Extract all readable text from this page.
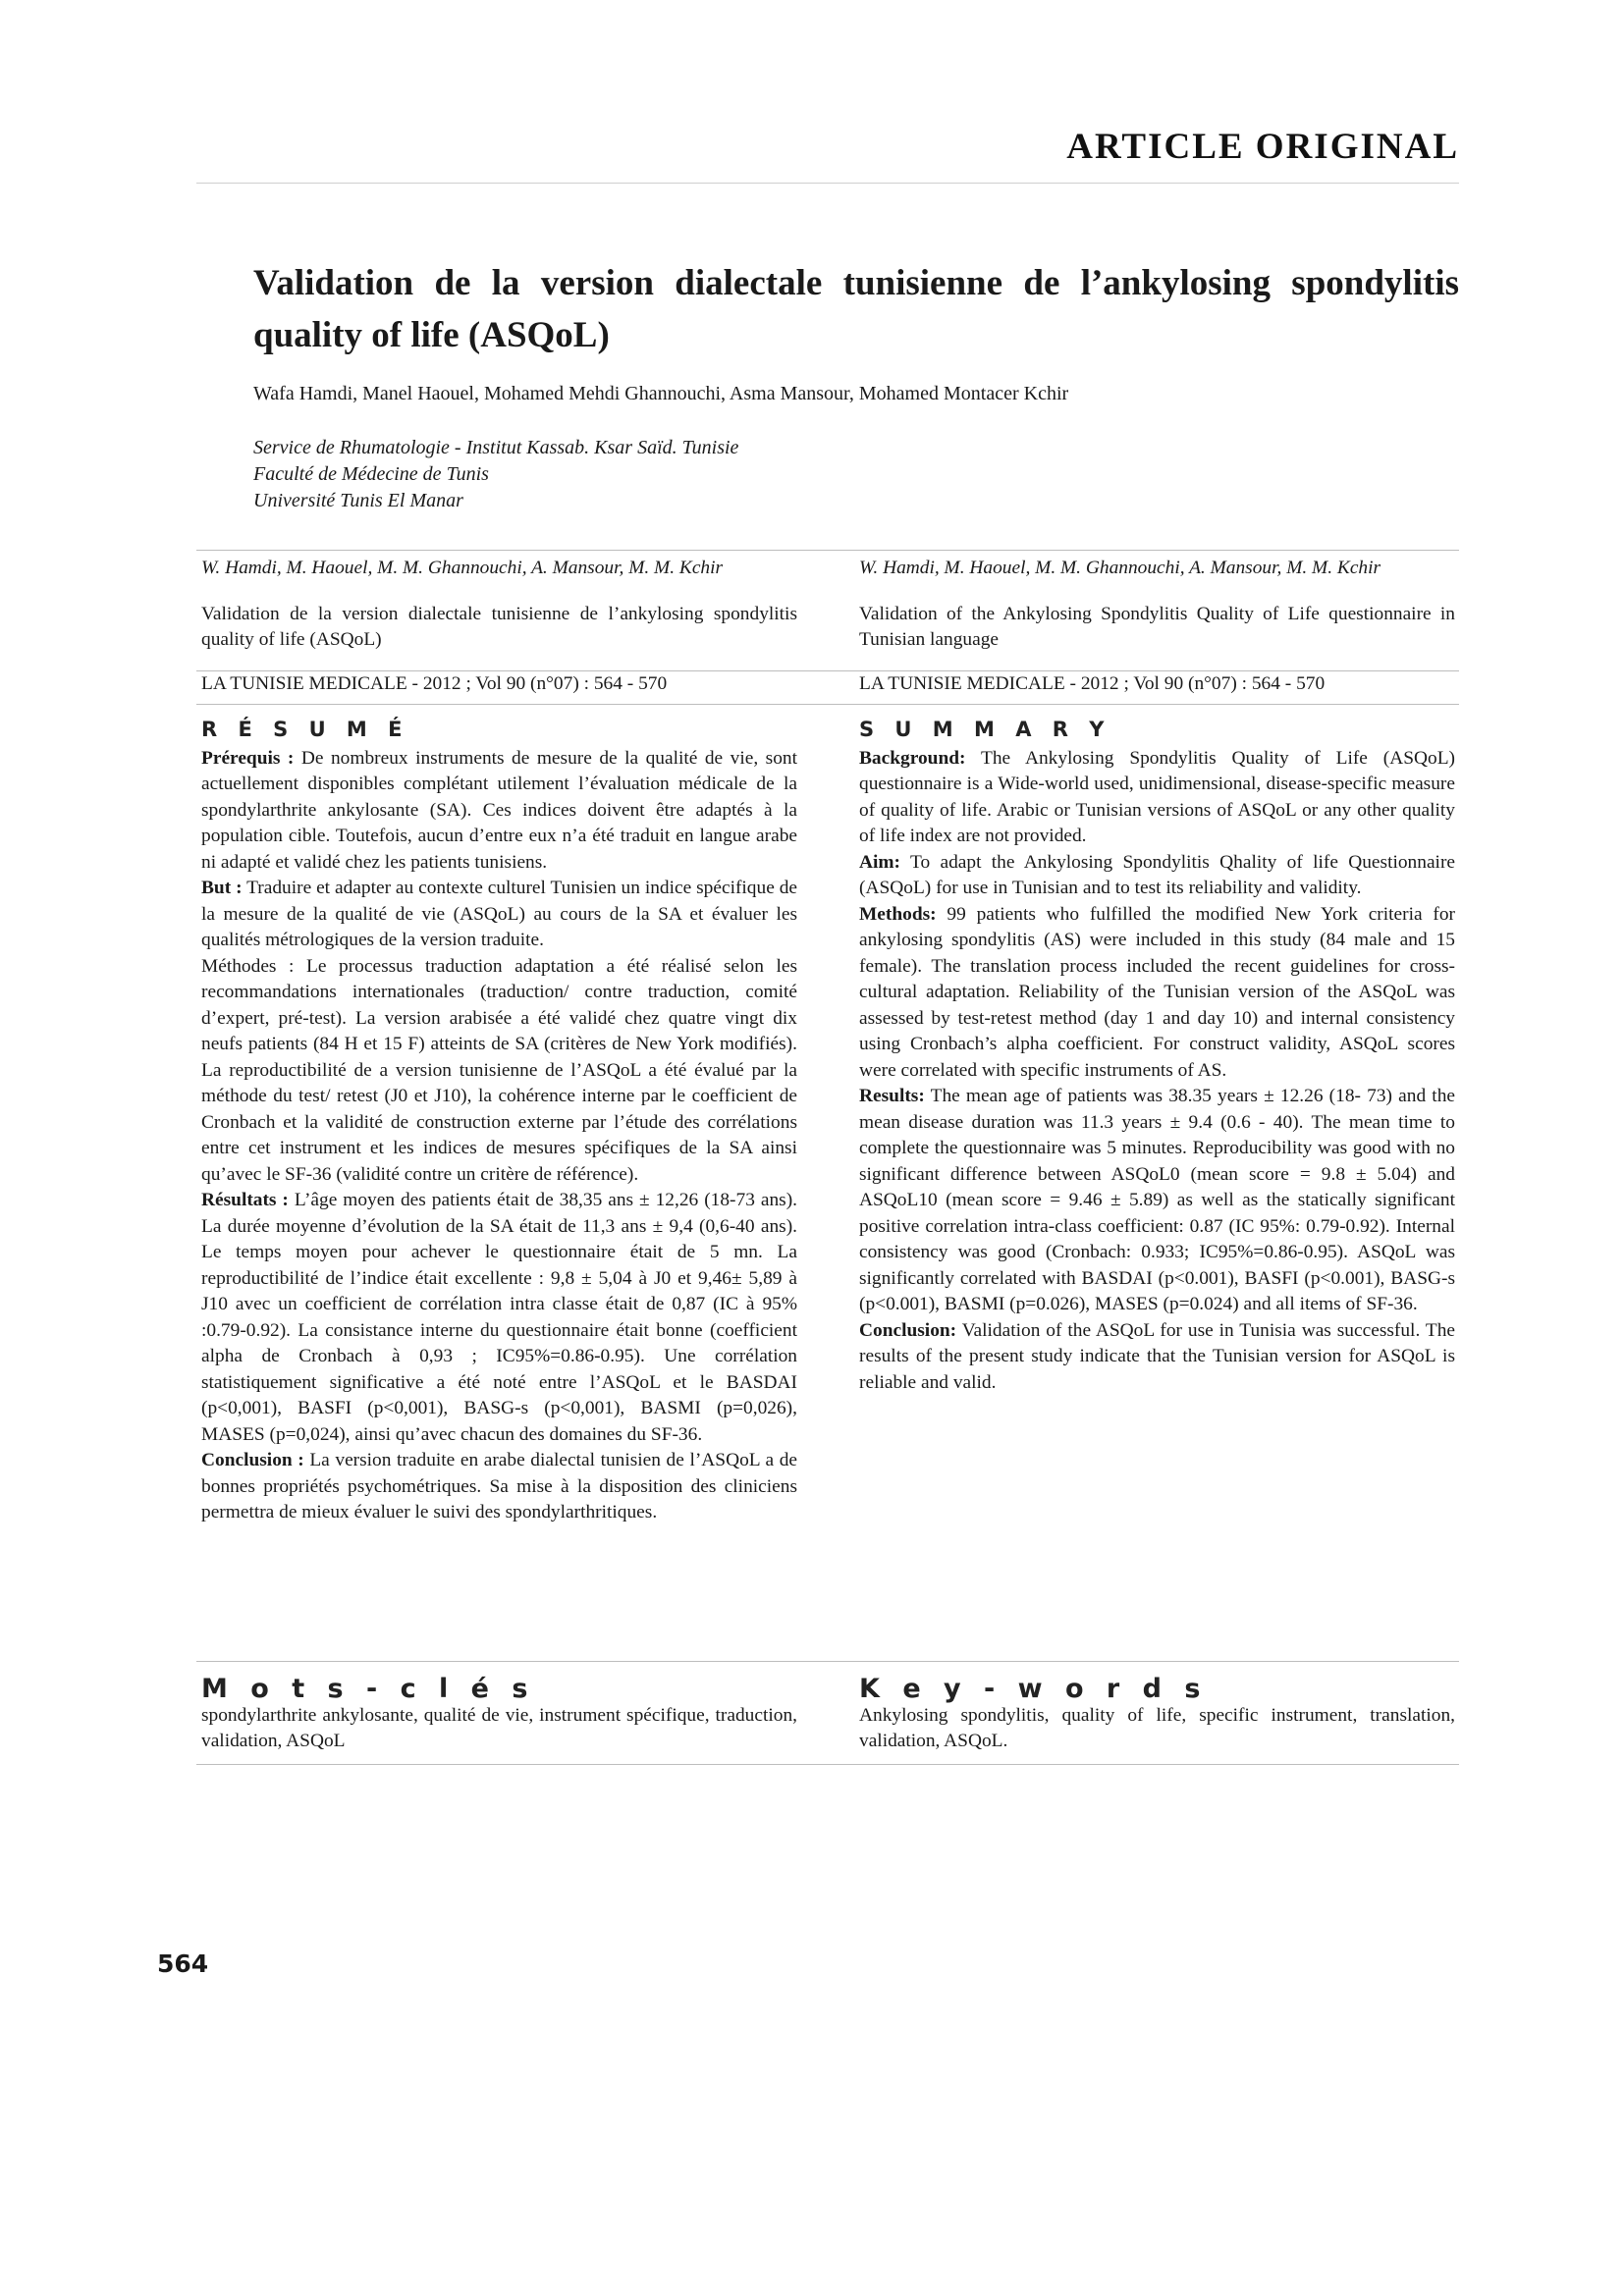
ARTICLE ORIGINAL
Validation de la version dialectale tunisienne de l’ankylosing spondylitis quality of life (ASQoL)
Wafa Hamdi, Manel Haouel, Mohamed Mehdi Ghannouchi, Asma Mansour, Mohamed Montacer Kchir
Service de Rhumatologie - Institut Kassab. Ksar Saïd. Tunisie
Faculté de Médecine de Tunis
Université Tunis El Manar
W. Hamdi, M. Haouel, M. M. Ghannouchi, A. Mansour, M. M. Kchir
Validation de la version dialectale tunisienne de l’ankylosing spondylitis quality of life (ASQoL)
LA TUNISIE MEDICALE - 2012 ; Vol 90 (n°07) : 564 - 570
W. Hamdi, M. Haouel, M. M. Ghannouchi, A. Mansour, M. M. Kchir
Validation of the Ankylosing Spondylitis Quality of Life questionnaire in Tunisian language
LA TUNISIE MEDICALE - 2012 ; Vol 90 (n°07) : 564 - 570
R É S U M É

Prérequis : De nombreux instruments de mesure de la qualité de vie, sont actuellement disponibles complétant utilement l’évaluation médicale de la spondylarthrite ankylosante (SA). Ces indices doivent être adaptés à la population cible. Toutefois, aucun d’entre eux n’a été traduit en langue arabe ni adapté et validé chez les patients tunisiens.

But : Traduire et adapter au contexte culturel Tunisien un indice spécifique de la mesure de la qualité de vie (ASQoL) au cours de la SA et évaluer les qualités métrologiques de la version traduite.

Méthodes : Le processus traduction adaptation a été réalisé selon les recommandations internationales (traduction/ contre traduction, comité d’expert, pré-test). La version arabisée a été validé chez quatre vingt dix neufs patients (84 H et 15 F) atteints de SA (critères de New York modifiés). La reproductibilité de a version tunisienne de l’ASQoL a été évalué par la méthode du test/ retest (J0 et J10), la cohérence interne par le coefficient de Cronbach et la validité de construction externe par l’étude des corrélations entre cet instrument et les indices de mesures spécifiques de la SA ainsi qu’avec le SF-36 (validité contre un critère de référence).

Résultats : L’âge moyen des patients était de 38,35 ans ± 12,26 (18-73 ans). La durée moyenne d’évolution de la SA était de 11,3 ans ± 9,4 (0,6-40 ans). Le temps moyen pour achever le questionnaire était de 5 mn. La reproductibilité de l’indice était excellente : 9,8 ± 5,04 à J0 et 9,46± 5,89 à J10 avec un coefficient de corrélation intra classe était de 0,87 (IC à 95% :0.79-0.92). La consistance interne du questionnaire était bonne (coefficient alpha de Cronbach à 0,93 ; IC95%=0.86-0.95). Une corrélation statistiquement significative a été noté entre l’ASQoL et le BASDAI (p<0,001), BASFI (p<0,001), BASG-s (p<0,001), BASMI (p=0,026), MASES (p=0,024), ainsi qu’avec chacun des domaines du SF-36.

Conclusion : La version traduite en arabe dialectal tunisien de l’ASQoL a de bonnes propriétés psychométriques. Sa mise à la disposition des cliniciens permettra de mieux évaluer le suivi des spondylarthritiques.

S U M M A R Y

Background: The Ankylosing Spondylitis Quality of Life (ASQoL) questionnaire is a Wide-world used, unidimensional, disease-specific measure of quality of life. Arabic or Tunisian versions of ASQoL or any other quality of life index are not provided.

Aim: To adapt the Ankylosing Spondylitis Qhality of life Questionnaire (ASQoL) for use in Tunisian and to test its reliability and validity.

Methods: 99 patients who fulfilled the modified New York criteria for ankylosing spondylitis (AS) were included in this study (84 male and 15 female). The translation process included the recent guidelines for cross-cultural adaptation. Reliability of the Tunisian version of the ASQoL was assessed by test-retest method (day 1 and day 10) and internal consistency using Cronbach’s alpha coefficient. For construct validity, ASQoL scores were correlated with specific instruments of AS.

Results: The mean age of patients was 38.35 years ± 12.26 (18- 73) and the mean disease duration was 11.3 years ± 9.4 (0.6 - 40). The mean time to complete the questionnaire was 5 minutes. Reproducibility was good with no significant difference between ASQoL0 (mean score = 9.8 ± 5.04) and ASQoL10 (mean score = 9.46 ± 5.89) as well as the statically significant positive correlation intra-class coefficient: 0.87 (IC 95%: 0.79-0.92). Internal consistency was good (Cronbach: 0.933; IC95%=0.86-0.95). ASQoL was significantly correlated with BASDAI (p<0.001), BASFI (p<0.001), BASG-s (p<0.001), BASMI (p=0.026), MASES (p=0.024) and all items of SF-36.

Conclusion: Validation of the ASQoL for use in Tunisia was successful. The results of the present study indicate that the Tunisian version for ASQoL is reliable and valid.

M o t s - c l é s

spondylarthrite ankylosante, qualité de vie, instrument spécifique, traduction, validation, ASQoL

K e y - w o r d s

Ankylosing spondylitis, quality of life, specific instrument, translation, validation, ASQoL.

564
